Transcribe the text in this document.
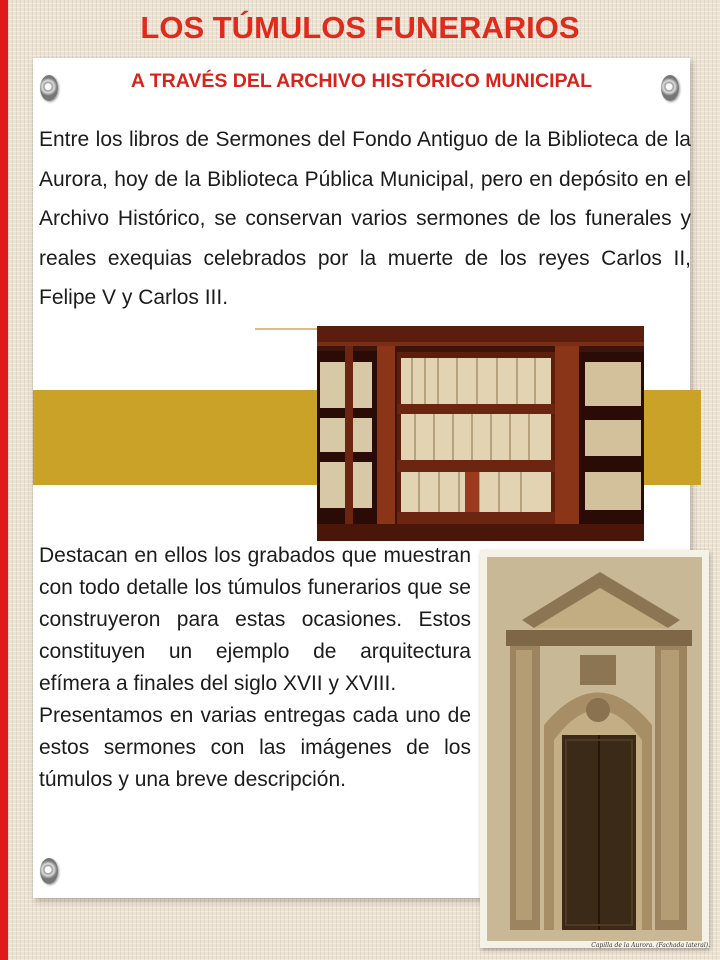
LOS TÚMULOS FUNERARIOS
A TRAVÉS DEL ARCHIVO HISTÓRICO MUNICIPAL

Entre los libros de Sermones del Fondo Antiguo de la Biblioteca de la Aurora, hoy de la Biblioteca Pública Municipal, pero en depósito en el Archivo Histórico, se conservan varios sermones de los funerales y reales exequias celebrados por la muerte de los reyes Carlos II, Felipe V y Carlos III.

Destacan en ellos los grabados que muestran con todo detalle los túmulos funerarios que se construyeron para estas ocasiones. Estos constituyen un ejemplo de arquitectura efímera a finales del siglo XVII y XVIII.
Presentamos en varias entregas cada uno de estos sermones con las imágenes de los túmulos y una breve descripción.

Capilla de la Aurora. (Fachada lateral).
